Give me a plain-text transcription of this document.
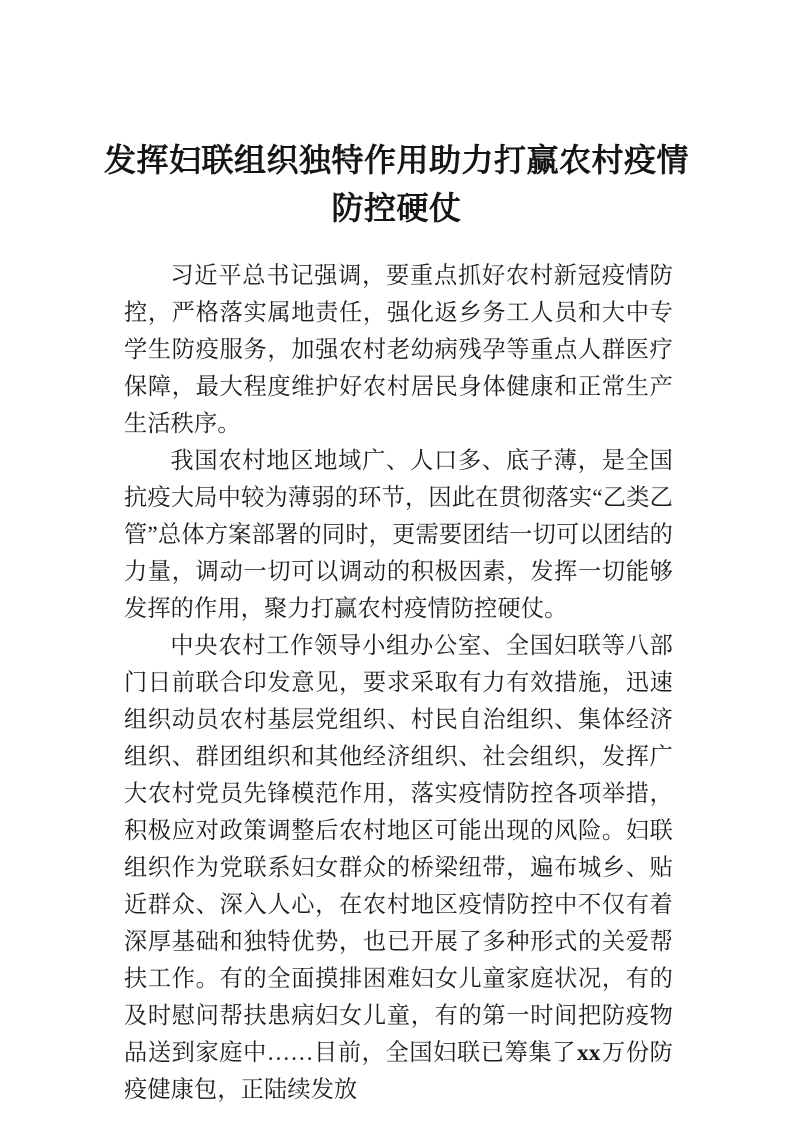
发挥妇联组织独特作用助力打赢农村疫情
防控硬仗

习近平总书记强调，要重点抓好农村新冠疫情防控，严格落实属地责任，强化返乡务工人员和大中专学生防疫服务，加强农村老幼病残孕等重点人群医疗保障，最大程度维护好农村居民身体健康和正常生产生活秩序。

我国农村地区地域广、人口多、底子薄，是全国抗疫大局中较为薄弱的环节，因此在贯彻落实“乙类乙管”总体方案部署的同时，更需要团结一切可以团结的力量，调动一切可以调动的积极因素，发挥一切能够发挥的作用，聚力打赢农村疫情防控硬仗。

中央农村工作领导小组办公室、全国妇联等八部门日前联合印发意见，要求采取有力有效措施，迅速组织动员农村基层党组织、村民自治组织、集体经济组织、群团组织和其他经济组织、社会组织，发挥广大农村党员先锋模范作用，落实疫情防控各项举措，积极应对政策调整后农村地区可能出现的风险。妇联组织作为党联系妇女群众的桥梁纽带，遍布城乡、贴近群众、深入人心，在农村地区疫情防控中不仅有着深厚基础和独特优势，也已开展了多种形式的关爱帮扶工作。有的全面摸排困难妇女儿童家庭状况，有的及时慰问帮扶患病妇女儿童，有的第一时间把防疫物品送到家庭中……目前，全国妇联已筹集了xx万份防疫健康包，正陆续发放
